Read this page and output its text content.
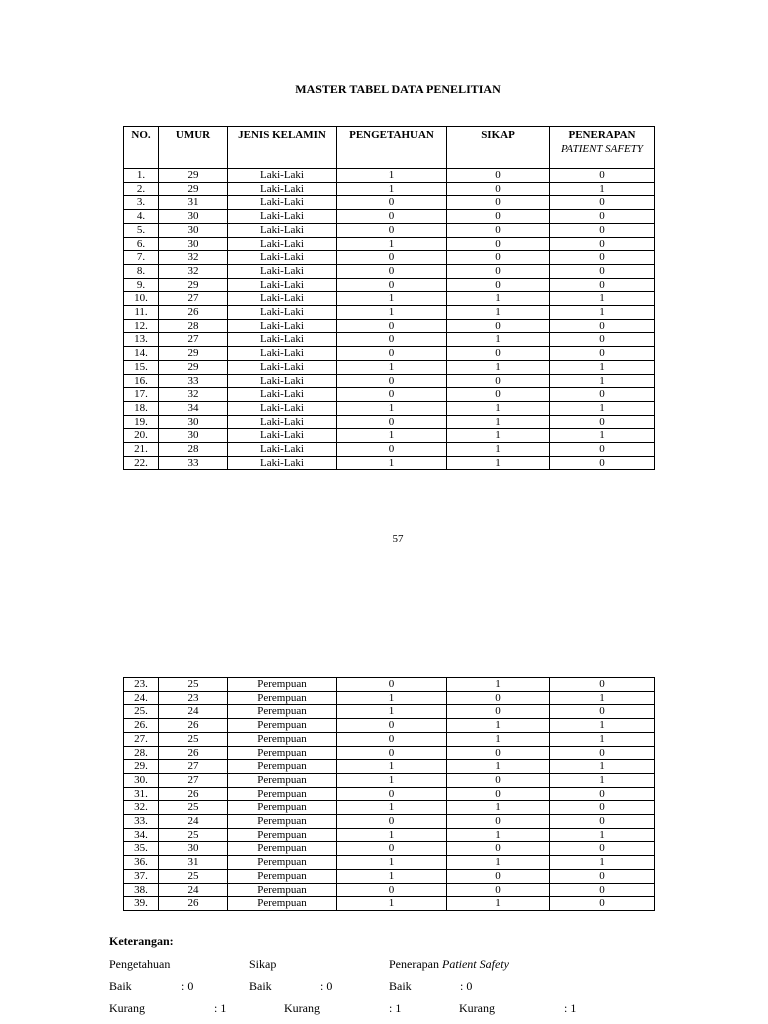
MASTER TABEL DATA PENELITIAN
NO.	UMUR	JENIS KELAMIN	PENGETAHUAN	SIKAP	PENERAPAN
PATIENT SAFETY

1.	29	Laki-Laki	1	0	0
2.	29	Laki-Laki	1	0	1
3.	31	Laki-Laki	0	0	0
4.	30	Laki-Laki	0	0	0
5.	30	Laki-Laki	0	0	0
6.	30	Laki-Laki	1	0	0
7.	32	Laki-Laki	0	0	0
8.	32	Laki-Laki	0	0	0
9.	29	Laki-Laki	0	0	0
10.	27	Laki-Laki	1	1	1
11.	26	Laki-Laki	1	1	1
12.	28	Laki-Laki	0	0	0
13.	27	Laki-Laki	0	1	0
14.	29	Laki-Laki	0	0	0
15.	29	Laki-Laki	1	1	1
16.	33	Laki-Laki	0	0	1
17.	32	Laki-Laki	0	0	0
18.	34	Laki-Laki	1	1	1
19.	30	Laki-Laki	0	1	0
20.	30	Laki-Laki	1	1	1
21.	28	Laki-Laki	0	1	0
22.	33	Laki-Laki	1	1	0
57
23.	25	Perempuan	0	1	0
24.	23	Perempuan	1	0	1
25.	24	Perempuan	1	0	0
26.	26	Perempuan	0	1	1
27.	25	Perempuan	0	1	1
28.	26	Perempuan	0	0	0
29.	27	Perempuan	1	1	1
30.	27	Perempuan	1	0	1
31.	26	Perempuan	0	0	0
32.	25	Perempuan	1	1	0
33.	24	Perempuan	0	0	0
34.	25	Perempuan	1	1	1
35.	30	Perempuan	0	0	0
36.	31	Perempuan	1	1	1
37.	25	Perempuan	1	0	0
38.	24	Perempuan	0	0	0
39.	26	Perempuan	1	1	0
Keterangan:
Pengetahuan	Sikap	Penerapan Patient Safety
Baik	: 0	Baik	: 0	Baik	: 0
Kurang	: 1	Kurang	: 1	Kurang	: 1
